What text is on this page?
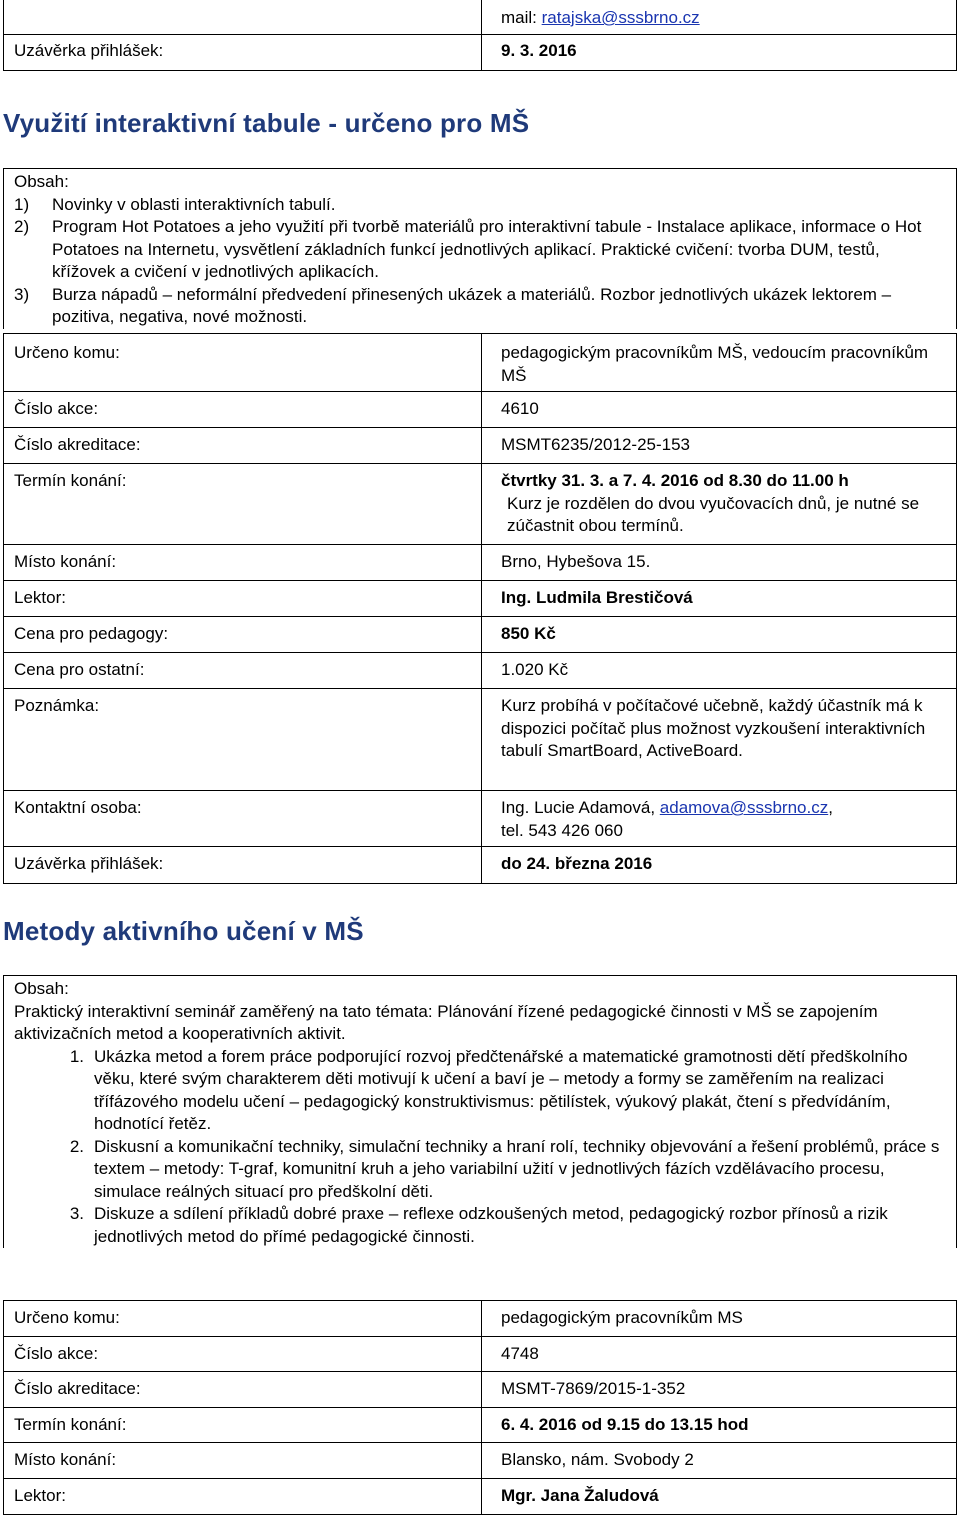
	mail: ratajska@sssbrno.cz
Uzávěrka přihlášek:	9. 3. 2016
Využití interaktivní tabule - určeno pro MŠ
Obsah:
1)	Novinky v oblasti interaktivních tabulí.
2)	Program Hot Potatoes a jeho využití při tvorbě materiálů pro interaktivní tabule - Instalace aplikace, informace o Hot Potatoes na Internetu, vysvětlení základních funkcí jednotlivých aplikací. Praktické cvičení: tvorba DUM, testů, křížovek a cvičení v jednotlivých aplikacích.
3)	Burza nápadů – neformální předvedení přinesených ukázek a materiálů. Rozbor jednotlivých ukázek lektorem – pozitiva, negativa, nové možnosti.
Určeno komu:	pedagogickým pracovníkům MŠ, vedoucím pracovníkům MŠ
Číslo akce:	4610
Číslo akreditace:	MSMT6235/2012-25-153
Termín konání:	čtvrtky 31. 3. a 7. 4. 2016 od 8.30 do 11.00 h
Kurz je rozdělen do dvou vyučovacích dnů, je nutné se zúčastnit obou termínů.

Místo konání:	Brno, Hybešova 15.
Lektor:	Ing. Ludmila Brestičová
Cena pro pedagogy:	850 Kč
Cena pro ostatní:	1.020 Kč
Poznámka:	Kurz probíhá v počítačové učebně, každý účastník má k dispozici počítač plus možnost vyzkoušení interaktivních tabulí SmartBoard, ActiveBoard.
Kontaktní osoba:	Ing. Lucie Adamová, adamova@sssbrno.cz,
tel. 543 426 060
Uzávěrka přihlášek:	do 24. března 2016
Metody aktivního učení v MŠ
Obsah:
Praktický interaktivní seminář zaměřený na tato témata: Plánování řízené pedagogické činnosti v MŠ se zapojením aktivizačních metod a kooperativních aktivit.
1. Ukázka metod a forem práce podporující rozvoj předčtenářské a matematické gramotnosti dětí předškolního věku, které svým charakterem děti motivují k učení a baví je – metody a formy se zaměřením na realizaci třífázového modelu učení – pedagogický konstruktivismus: pětilístek, výukový plakát, čtení s předvídáním, hodnotící řetěz.
2. Diskusní a komunikační techniky, simulační techniky a hraní rolí, techniky objevování a řešení problémů, práce s textem – metody: T-graf, komunitní kruh a jeho variabilní užití v jednotlivých fázích vzdělávacího procesu, simulace reálných situací pro předškolní děti.
3. Diskuze a sdílení příkladů dobré praxe – reflexe odzkoušených metod, pedagogický rozbor přínosů a rizik jednotlivých metod do přímé pedagogické činnosti.
Určeno komu:	pedagogickým pracovníkům MS
Číslo akce:	4748
Číslo akreditace:	MSMT-7869/2015-1-352
Termín konání:	6. 4. 2016 od 9.15 do 13.15 hod
Místo konání:	Blansko, nám. Svobody 2
Lektor:	Mgr. Jana Žaludová
